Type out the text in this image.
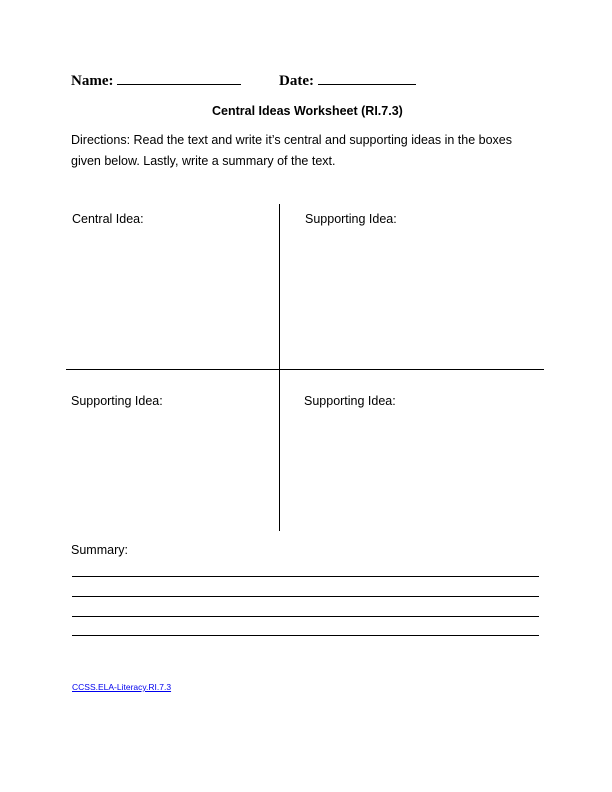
Name:	Date:
Central Ideas Worksheet (RI.7.3)
Directions: Read the text and write it’s central and supporting ideas in the boxes
given below. Lastly, write a summary of the text.
Central Idea:	Supporting Idea:
Supporting Idea:	Supporting Idea:
Summary:
CCSS.ELA-Literacy.RI.7.3
